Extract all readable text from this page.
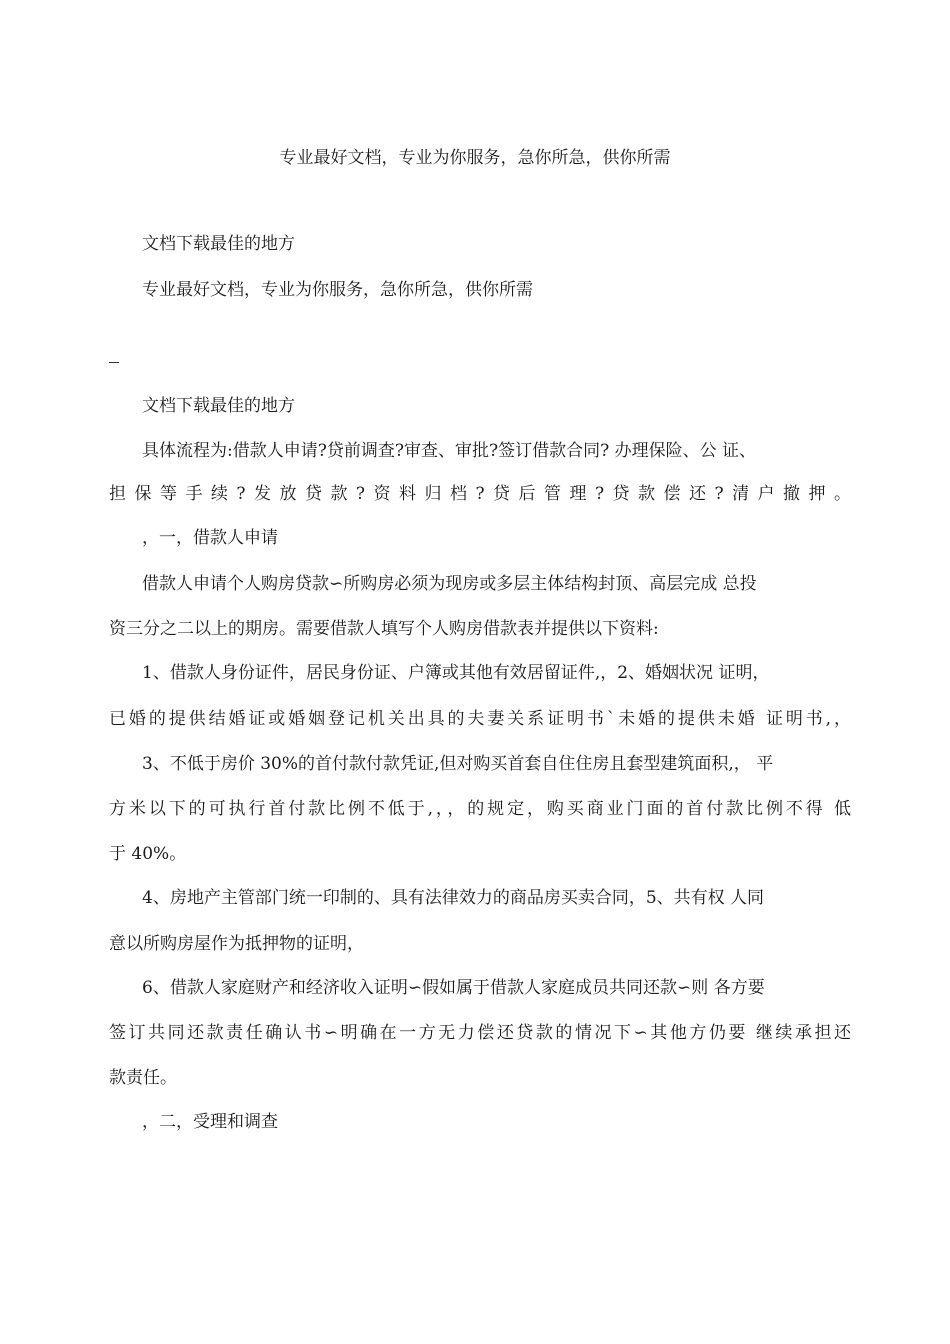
专业最好文档，专业为你服务，急你所急，供你所需
文档下载最佳的地方
专业最好文档，专业为你服务，急你所急，供你所需
文档下载最佳的地方
具体流程为:借款人申请?贷前调查?审查、审批?签订借款合同? 办理保险、公 证、
担保等手续?发放贷款?资料归档?贷后管理?贷款偿还?清户撤押。
，一，借款人申请
借款人申请个人购房贷款∽所购房必须为现房或多层主体结构封顶、高层完成 总投
资三分之二以上的期房。需要借款人填写个人购房借款表并提供以下资料:
1、借款人身份证件，居民身份证、户簿或其他有效居留证件,，2、婚姻状况 证明，
已婚的提供结婚证或婚姻登记机关出具的夫妻关系证明书ˋ未婚的提供未婚 证明书,，
3、不低于房价 30%的首付款付款凭证,但对购买首套自住住房且套型建筑面积,， 平
方米以下的可执行首付款比例不低于,，，的规定，购买商业门面的首付款比例不得 低
于 40%。
4、房地产主管部门统一印制的、具有法律效力的商品房买卖合同，5、共有权 人同
意以所购房屋作为抵押物的证明，
6、借款人家庭财产和经济收入证明∽假如属于借款人家庭成员共同还款∽则 各方要
签订共同还款责任确认书∽明确在一方无力偿还贷款的情况下∽其他方仍要 继续承担还
款责任。
，二，受理和调查
